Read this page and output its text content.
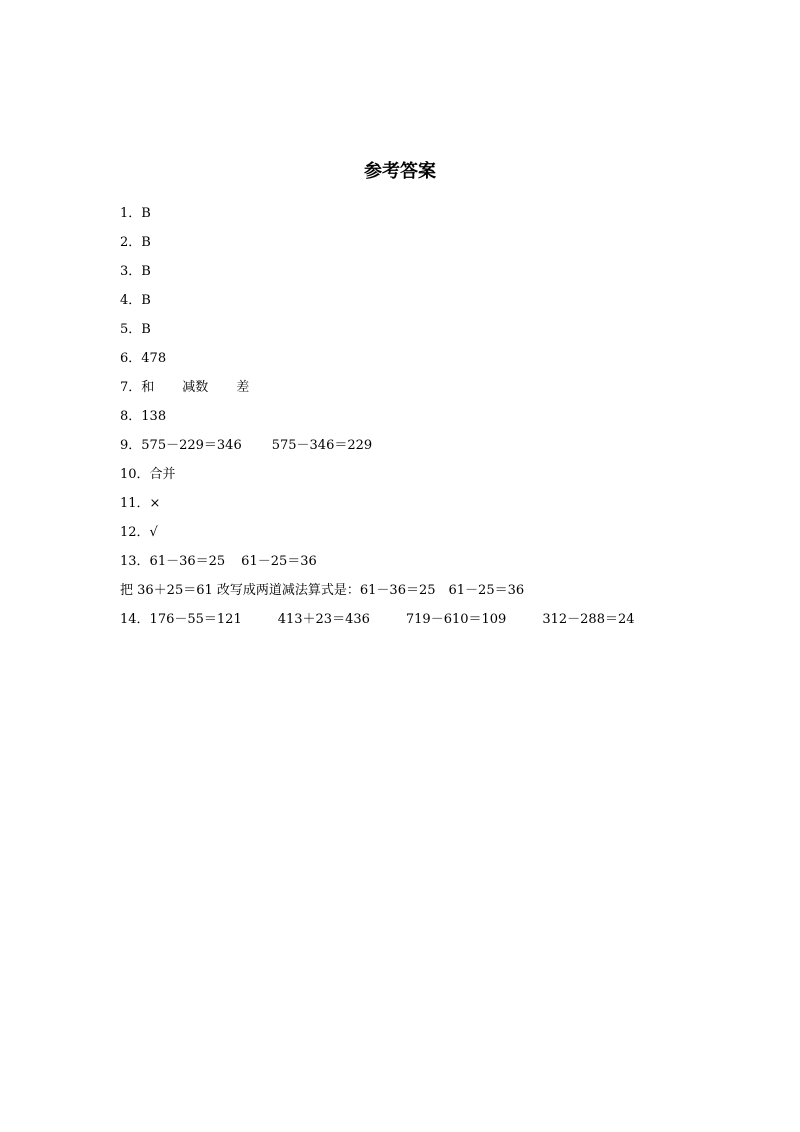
参考答案
1．B
2．B
3．B
4．B
5．B
6．478
7．和 减数 差
8．138
9．575－229＝346 575－346＝229
10．合并
11．×
12．√
13．61－36＝25 61－25＝36
把 36＋25＝61 改写成两道减法算式是：61－36＝25　61－25＝36
14．176－55＝121	413＋23＝436	719－610＝109	312－288＝24
